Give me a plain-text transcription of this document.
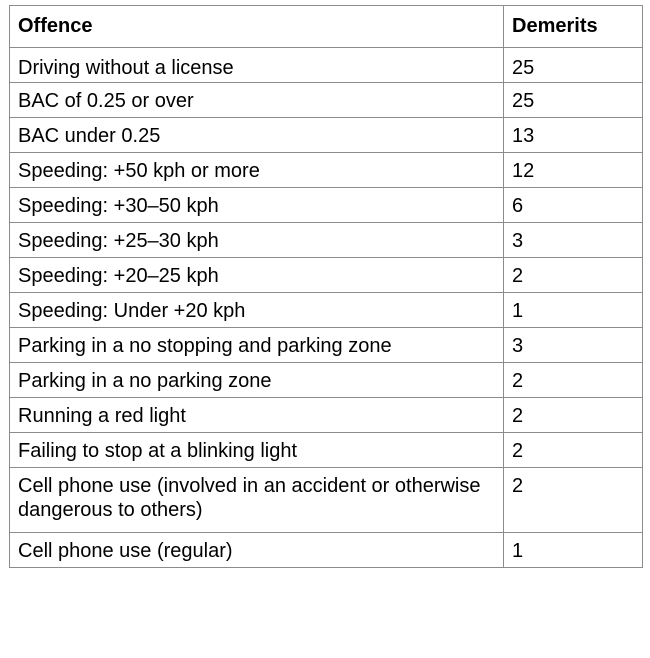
Offence	Demerits
Driving without a license	25
BAC of 0.25 or over	25
BAC under 0.25	13
Speeding: +50 kph or more	12
Speeding: +30–50 kph	6
Speeding: +25–30 kph	3
Speeding: +20–25 kph	2
Speeding: Under +20 kph	1
Parking in a no stopping and parking zone	3
Parking in a no parking zone	2
Running a red light	2
Failing to stop at a blinking light	2
Cell phone use (involved in an accident or otherwise dangerous to others)	2
Cell phone use (regular)	1
